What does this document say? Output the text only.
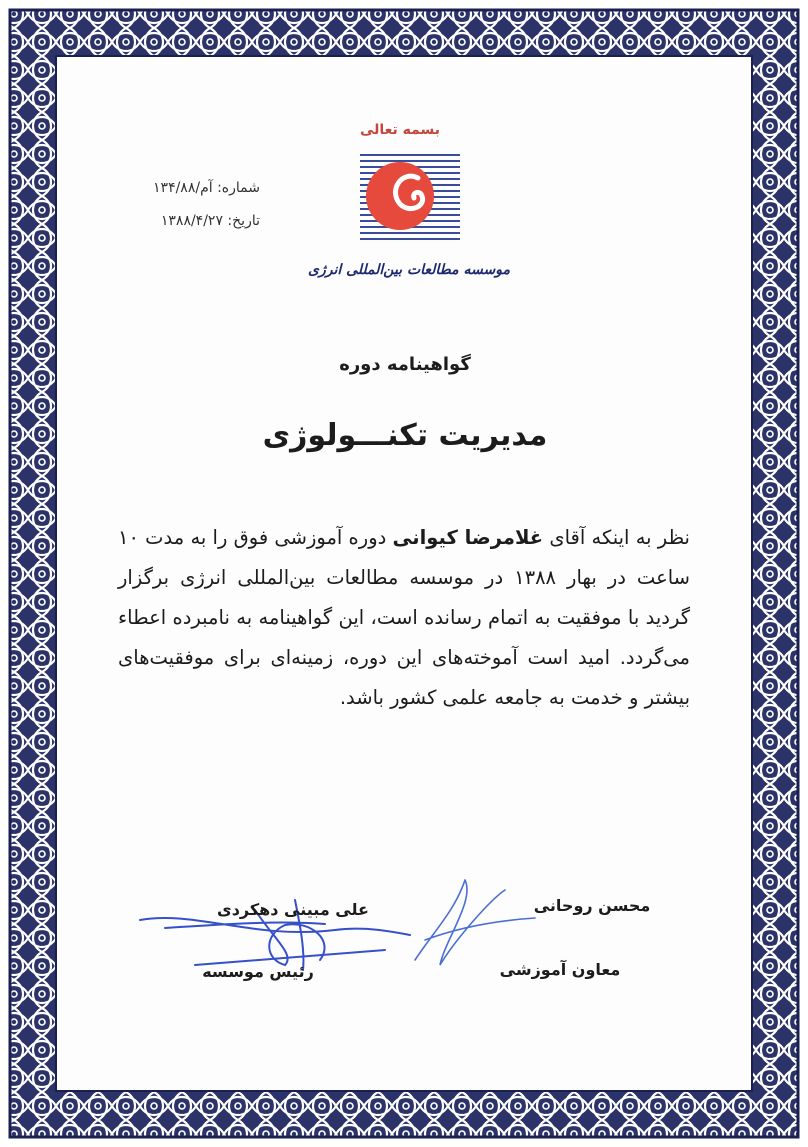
بسمه تعالی
موسسه مطالعات بین‌المللی انرژی
شماره: آم/۱۳۴/۸۸
تاریخ: ۱۳۸۸/۴/۲۷
گواهینامه دوره
مدیریت تکنـــولوژی

نظر به اینکه آقای غلامرضا کیوانی دوره آموزشی فوق را به مدت ۱۰ ساعت در بهار ۱۳۸۸ در موسسه مطالعات بین‌المللی انرژی برگزار گردید با موفقیت به اتمام رسانده است، این گواهینامه به نامبرده اعطاء می‌گردد. امید است آموخته‌های این دوره، زمینه‌ای برای موفقیت‌های بیشتر و خدمت به جامعه علمی کشور باشد.

محسن روحانی
معاون آموزشی
علی مبینی دهکردی
رئیس موسسه
